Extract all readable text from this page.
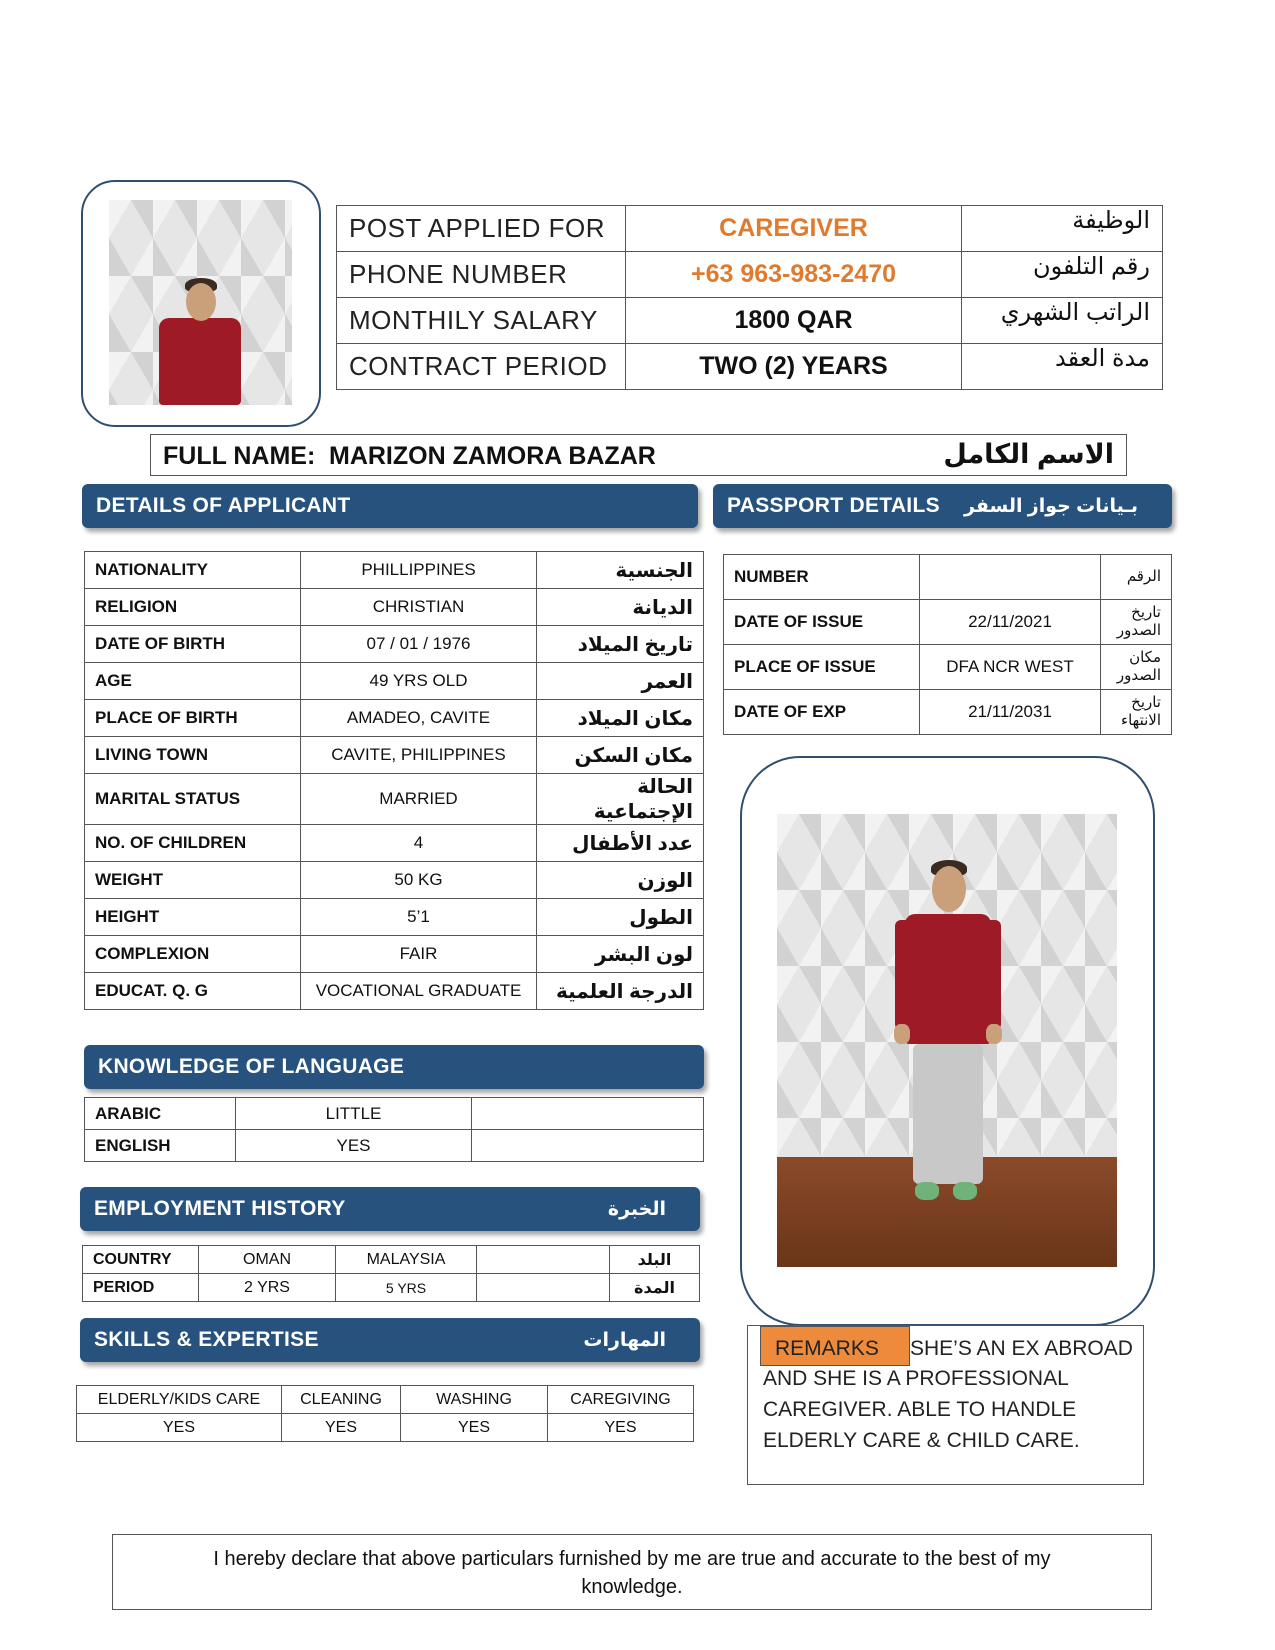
POST APPLIED FOR	CAREGIVER	الوظيفة
PHONE NUMBER	+63 963-983-2470	رقم التلفون
MONTHILY SALARY	1800 QAR	الراتب الشهري
CONTRACT PERIOD	TWO (2) YEARS	مدة العقد
FULL NAME: MARIZON ZAMORA BAZAR	الاسم الكامل
DETAILS OF APPLICANT
NATIONALITY	PHILLIPPINES	الجنسية
RELIGION	CHRISTIAN	الديانة
DATE OF BIRTH	07 / 01 / 1976	تاريخ الميلاد
AGE	49 YRS OLD	العمر
PLACE OF BIRTH	AMADEO, CAVITE	مكان الميلاد
LIVING TOWN	CAVITE, PHILIPPINES	مكان السكن
MARITAL STATUS	MARRIED	الحالة الإجتماعية
NO. OF CHILDREN	4	عدد الأطفال
WEIGHT	50 KG	الوزن
HEIGHT	5’1	الطول
COMPLEXION	FAIR	لون البشر
EDUCAT. Q. G	VOCATIONAL GRADUATE	الدرجة العلمية
PASSPORT DETAILS بـيانات جواز السفر
NUMBER		الرقم
DATE OF ISSUE	22/11/2021	تاريخ الصدور
PLACE OF ISSUE	DFA NCR WEST	مكان الصدور
DATE OF EXP	21/11/2031	تاريخ الانتهاء
KNOWLEDGE OF LANGUAGE
ARABIC	LITTLE	
ENGLISH	YES	
EMPLOYMENT HISTORY	الخبرة
COUNTRY	OMAN	MALAYSIA		البلد
PERIOD	2 YRS	5 YRS		المدة
SKILLS & EXPERTISE	المهارات
ELDERLY/KIDS CARE	CLEANING	WASHING	CAREGIVING
YES	YES	YES	YES
REMARKS	SHE’S AN EX ABROAD
AND SHE IS A PROFESSIONAL
CAREGIVER. ABLE TO HANDLE
ELDERLY CARE & CHILD CARE.
I hereby declare that above particulars furnished by me are true and accurate to the best of my
knowledge.
